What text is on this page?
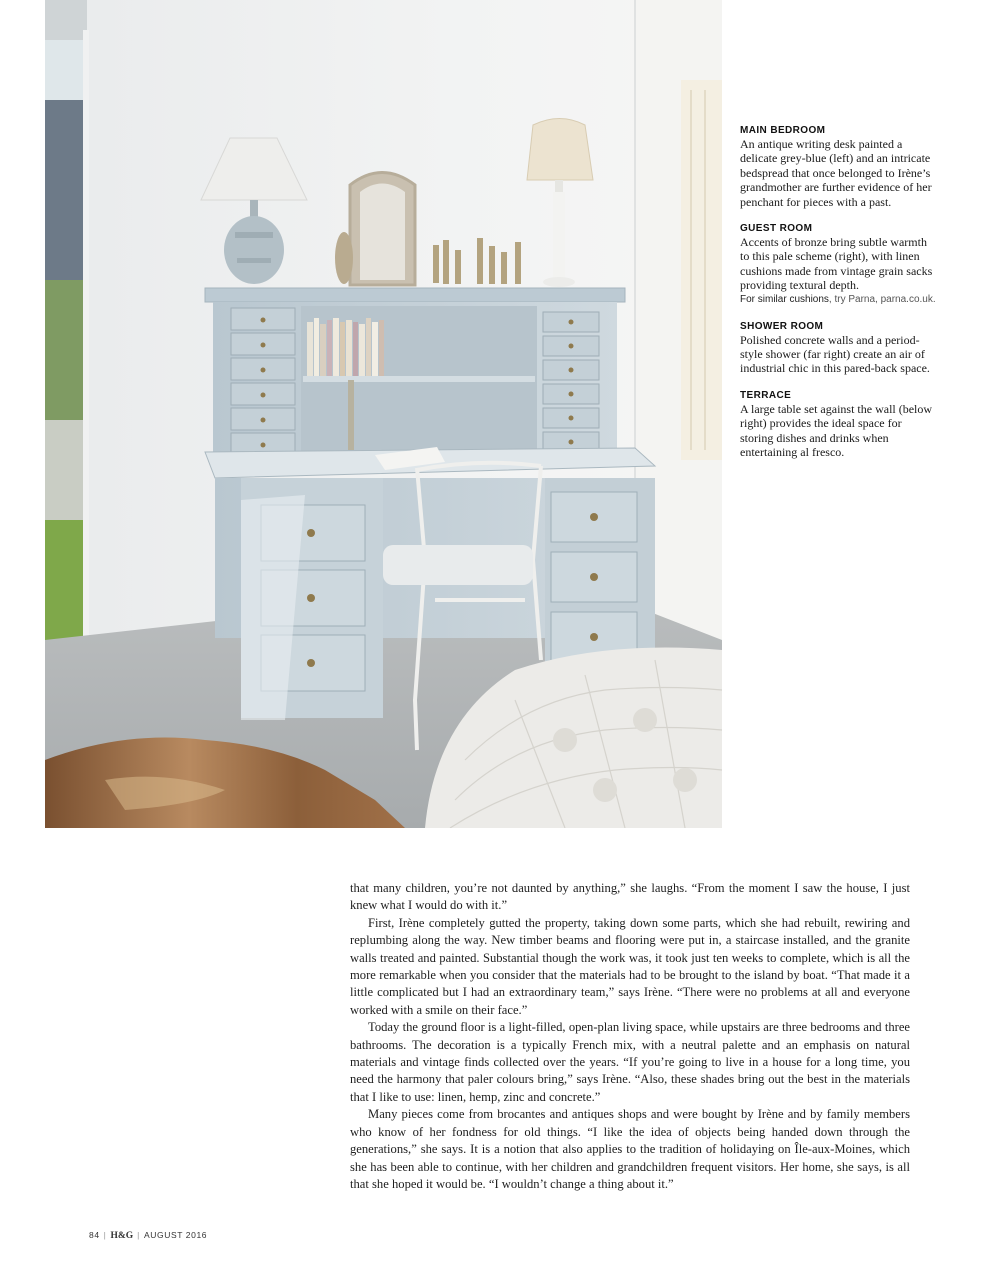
MAIN BEDROOM
An antique writing desk painted a delicate grey-blue (left) and an intricate bedspread that once belonged to Irène’s grandmother are further evidence of her penchant for pieces with a past.
GUEST ROOM
Accents of bronze bring subtle warmth to this pale scheme (right), with linen cushions made from vintage grain sacks providing textural depth.
For similar cushions, try Parna, parna.co.uk.
SHOWER ROOM
Polished concrete walls and a period-style shower (far right) create an air of industrial chic in this pared-back space.
TERRACE
A large table set against the wall (below right) provides the ideal space for storing dishes and drinks when entertaining al fresco.

that many children, you’re not daunted by anything,” she laughs. “From the moment I saw the house, I just knew what I would do with it.”

First, Irène completely gutted the property, taking down some parts, which she had rebuilt, rewiring and replumbing along the way. New timber beams and flooring were put in, a staircase installed, and the granite walls treated and painted. Substantial though the work was, it took just ten weeks to complete, which is all the more remarkable when you consider that the materials had to be brought to the island by boat. “That made it a little complicated but I had an extraordinary team,” says Irène. “There were no problems at all and everyone worked with a smile on their face.”

Today the ground floor is a light-filled, open-plan living space, while upstairs are three bedrooms and three bathrooms. The decoration is a typically French mix, with a neutral palette and an emphasis on natural materials and vintage finds collected over the years. “If you’re going to live in a house for a long time, you need the harmony that paler colours bring,” says Irène. “Also, these shades bring out the best in the materials that I like to use: linen, hemp, zinc and concrete.”

Many pieces come from brocantes and antiques shops and were bought by Irène and by family members who know of her fondness for old things. “I like the idea of objects being handed down through the generations,” she says. It is a notion that also applies to the tradition of holidaying on Île-aux-Moines, which she has been able to continue, with her children and grandchildren frequent visitors. Her home, she says, is all that she hoped it would be. “I wouldn’t change a thing about it.”

84 | H&G | AUGUST 2016
